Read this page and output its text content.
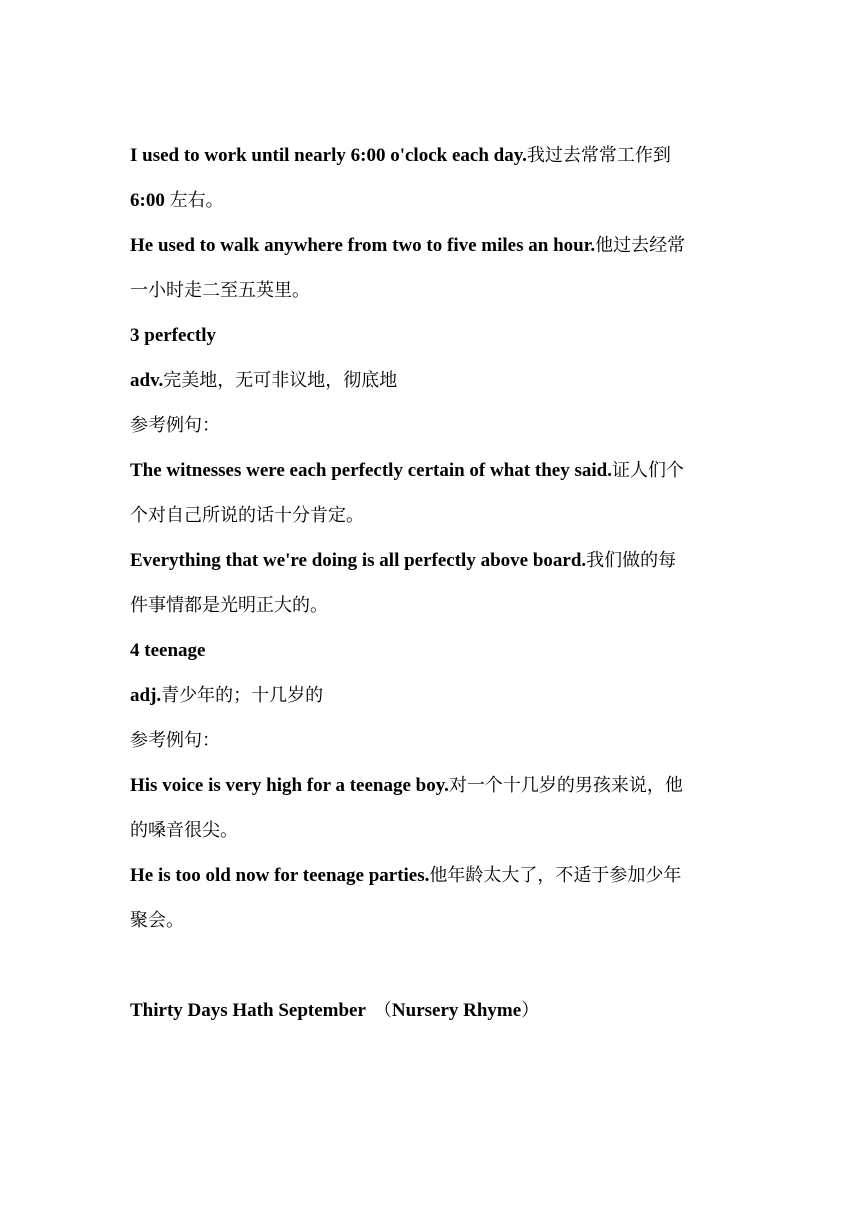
I used to work until nearly 6:00 o'clock each day.我过去常常工作到
6:00 左右。
He used to walk anywhere from two to five miles an hour.他过去经常
一小时走二至五英里。
3 perfectly
adv.完美地，无可非议地，彻底地
参考例句：
The witnesses were each perfectly certain of what they said.证人们个
个对自己所说的话十分肯定。
Everything that we're doing is all perfectly above board.我们做的每
件事情都是光明正大的。
4 teenage
adj.青少年的；十几岁的
参考例句：
His voice is very high for a teenage boy.对一个十几岁的男孩来说，他
的嗓音很尖。
He is too old now for teenage parties.他年龄太大了，不适于参加少年
聚会。
Thirty Days Hath September （Nursery Rhyme）
